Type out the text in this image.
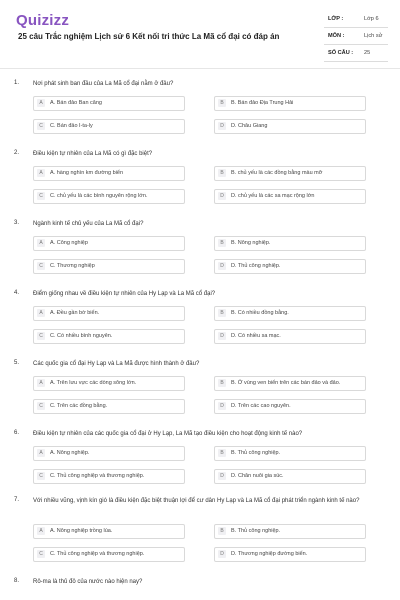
Quizizz
25 câu Trắc nghiệm Lịch sử 6 Kết nối tri thức La Mã cổ đại có đáp án
LỚP :	Lớp 6
MÔN :	Lịch sử
SỐ CÂU : 25
1. Nơi phát sinh ban đầu của La Mã cổ đại nằm ở đâu?
A	A. Bán đảo Ban căng	B	B. Bán đảo Địa Trung Hải
C	C. Bán đảo I-ta-ly	D	D. Châu Giang
2. Điều kiện tự nhiên của La Mã có gì đặc biệt?
A	A. hàng nghìn km đường biển	B	B. chủ yếu là các đồng bằng màu mỡ
C	C. chủ yếu là các bình nguyên rộng lớn.	D	D. chủ yếu là các sa mạc rộng lớn
3. Ngành kinh tế chủ yếu của La Mã cổ đại?
A	A. Công nghiệp	B	B. Nông nghiệp.
C	C. Thương nghiệp	D	D. Thủ công nghiệp.
4. Điểm giống nhau về điều kiện tự nhiên của Hy Lạp và La Mã cổ đại?
A	A. Đều gần bờ biển.	B	B. Có nhiều đồng bằng.
C	C. Có nhiều bình nguyên.	D	D. Có nhiều sa mạc.
5. Các quốc gia cổ đại Hy Lạp và La Mã được hình thành ở đâu?
A	A. Trên lưu vực các dòng sông lớn.	B	B. Ở vùng ven biển trên các bán đảo và đảo.
C	C. Trên các đồng bằng.	D	D. Trên các cao nguyên.
6. Điều kiện tự nhiên của các quốc gia cổ đại ở Hy Lạp, La Mã tạo điều kiện cho hoạt động kinh tế nào?
A	A. Nông nghiệp.	B	B. Thủ công nghiệp.
C	C. Thủ công nghiệp và thương nghiệp.	D	D. Chăn nuôi gia súc.
7. Với nhiều vũng, vịnh kín gió là điều kiện đặc biệt thuận lợi để cư dân Hy Lạp và La Mã cổ đại phát triển ngành kinh tế nào?
A	A. Nông nghiệp trồng lúa.	B	B. Thủ công nghiệp.
C	C. Thủ công nghiệp và thương nghiệp.	D	D. Thương nghiệp đường biển.
8. Rô-ma là thủ đô của nước nào hiện nay?
